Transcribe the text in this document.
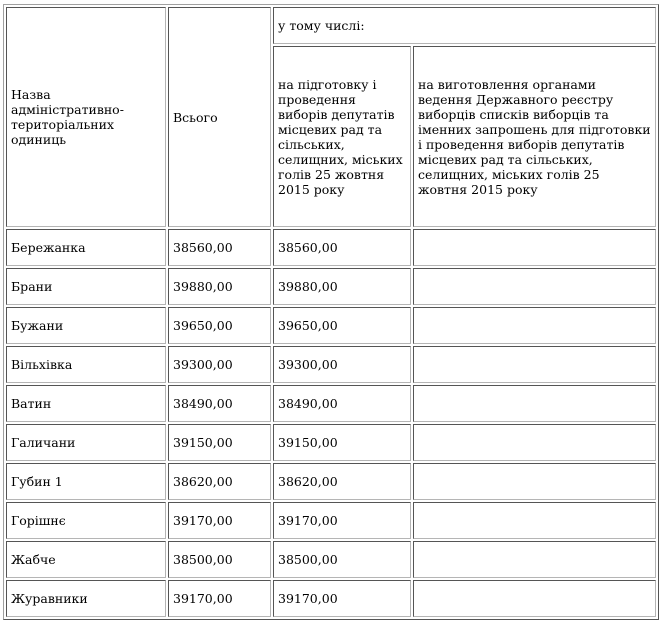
Назва адміністративно-територіальних одиниць	Всього	у тому числі:	
		на підготовку і проведення виборів депутатів місцевих рад та сільських, селищних, міських голів 25 жовтня 2015 року	на виготовлення органами ведення Державного реєстру виборців списків виборців та іменних запрошень для підготовки і проведення виборів депутатів місцевих рад та сільських, селищних, міських голів 25 жовтня 2015 року
Бережанка	38560,00	38560,00	
Брани	39880,00	39880,00	
Бужани	39650,00	39650,00	
Вільхівка	39300,00	39300,00	
Ватин	38490,00	38490,00	
Галичани	39150,00	39150,00	
Губин 1	38620,00	38620,00	
Горішнє	39170,00	39170,00	
Жабче	38500,00	38500,00	
Журавники	39170,00	39170,00	
